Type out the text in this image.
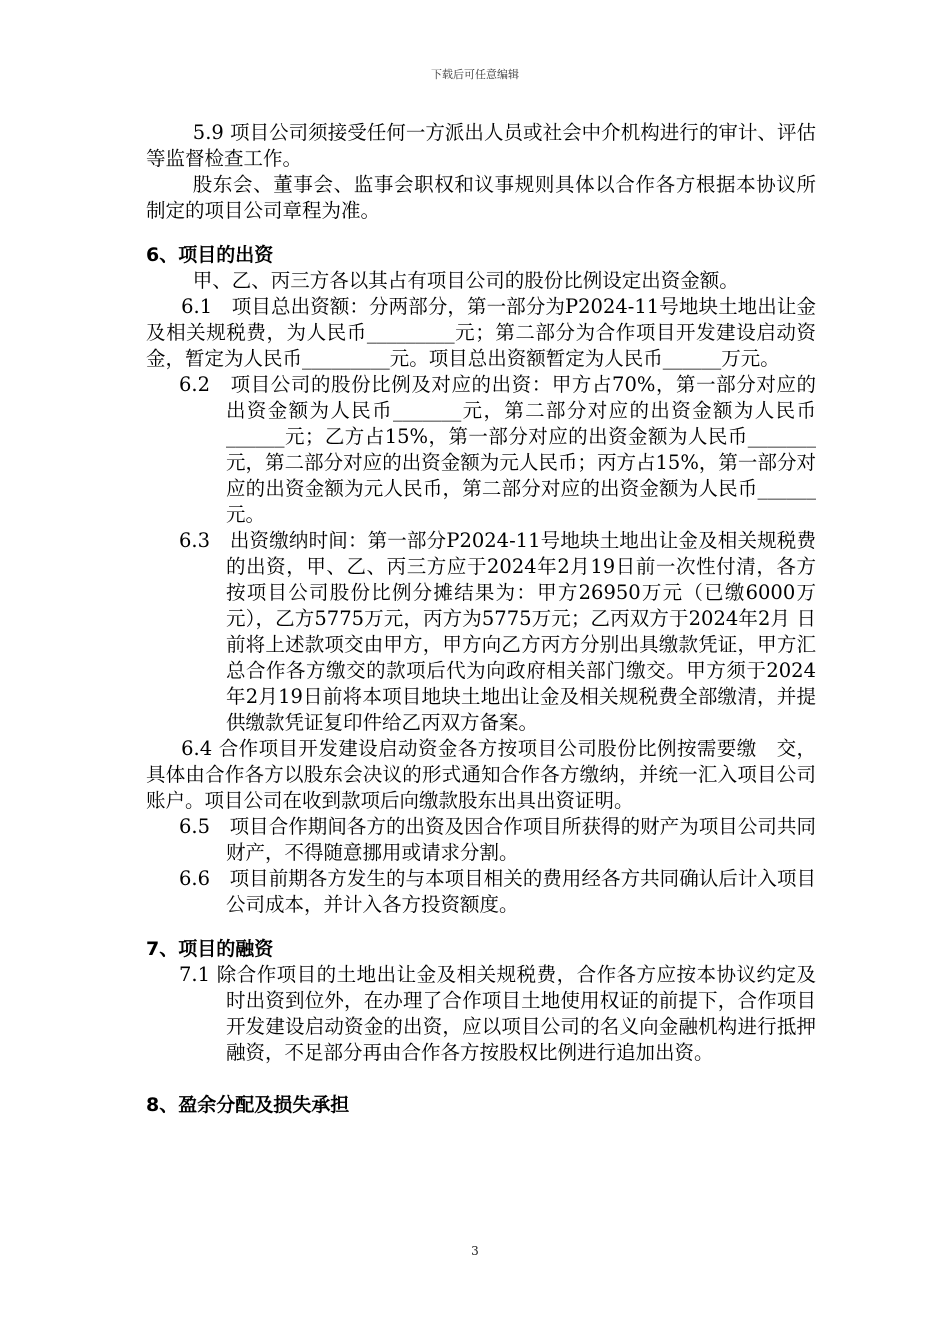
下载后可任意编辑

5.9 项目公司须接受任何一方派出人员或社会中介机构进行的审计、评估等监督检查工作。

股东会、董事会、监事会职权和议事规则具体以合作各方根据本协议所制定的项目公司章程为准。

6、项目的出资

甲、乙、丙三方各以其占有项目公司的股份比例设定出资金额。

6.1　项目总出资额：分两部分，第一部分为P2024-11号地块土地出让金及相关规税费，为人民币_________元；第二部分为合作项目开发建设启动资金，暂定为人民币_________元。项目总出资额暂定为人民币______万元。

6.2　项目公司的股份比例及对应的出资：甲方占70%，第一部分对应的出资金额为人民币_______元，第二部分对应的出资金额为人民币______元；乙方占15%，第一部分对应的出资金额为人民币_______元，第二部分对应的出资金额为元人民币；丙方占15%，第一部分对应的出资金额为元人民币，第二部分对应的出资金额为人民币______元。

6.3　出资缴纳时间：第一部分P2024-11号地块土地出让金及相关规税费的出资，甲、乙、丙三方应于2024年2月19日前一次性付清，各方按项目公司股份比例分摊结果为：甲方26950万元（已缴6000万元），乙方5775万元，丙方为5775万元；乙丙双方于2024年2月 日前将上述款项交由甲方，甲方向乙方丙方分别出具缴款凭证，甲方汇总合作各方缴交的款项后代为向政府相关部门缴交。甲方须于2024年2月19日前将本项目地块土地出让金及相关规税费全部缴清，并提供缴款凭证复印件给乙丙双方备案。

6.4 合作项目开发建设启动资金各方按项目公司股份比例按需要缴　交，具体由合作各方以股东会决议的形式通知合作各方缴纳，并统一汇入项目公司账户。项目公司在收到款项后向缴款股东出具出资证明。

6.5　项目合作期间各方的出资及因合作项目所获得的财产为项目公司共同财产，不得随意挪用或请求分割。

6.6　项目前期各方发生的与本项目相关的费用经各方共同确认后计入项目公司成本，并计入各方投资额度。

7、项目的融资

7.1 除合作项目的土地出让金及相关规税费，合作各方应按本协议约定及时出资到位外，在办理了合作项目土地使用权证的前提下，合作项目开发建设启动资金的出资，应以项目公司的名义向金融机构进行抵押融资，不足部分再由合作各方按股权比例进行追加出资。

8、盈余分配及损失承担

3
